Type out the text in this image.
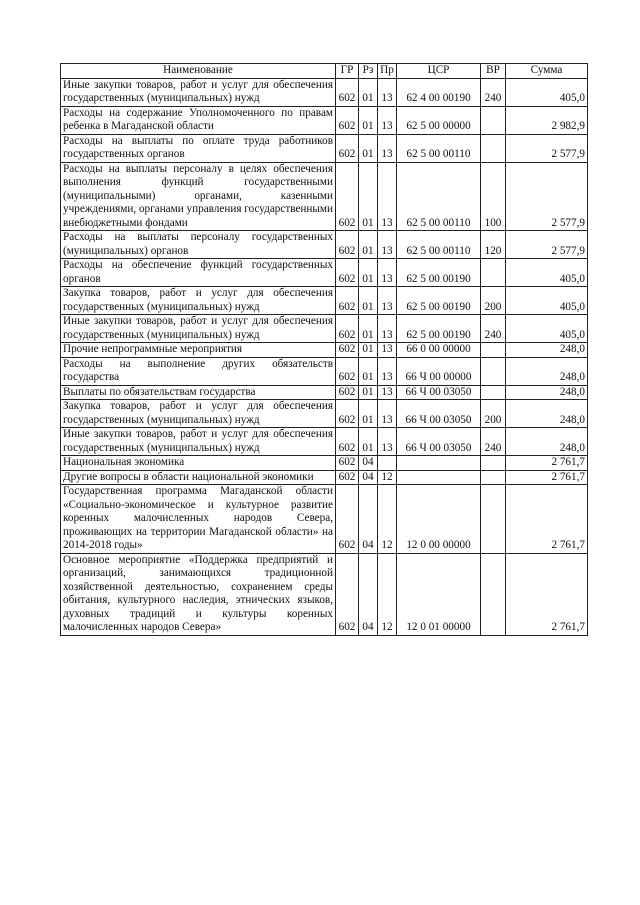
Наименование	ГР	Рз	Пр	ЦСР	ВР	Сумма

Иные закупки товаров, работ и услуг для обеспечения государственных (муниципальных) нужд	602	01	13	62 4 00 00190	240	405,0

Расходы на содержание Уполномоченного по правам ребенка в Магаданской области	602	01	13	62 5 00 00000		2 982,9

Расходы на выплаты по оплате труда работников государственных органов	602	01	13	62 5 00 00110		2 577,9

Расходы на выплаты персоналу в целях обеспечения выполнения функций государственными (муниципальными) органами, казенными учреждениями, органами управления государственными внебюджетными фондами	602	01	13	62 5 00 00110	100	2 577,9

Расходы на выплаты персоналу государственных (муниципальных) органов	602	01	13	62 5 00 00110	120	2 577,9

Расходы на обеспечение функций государственных органов	602	01	13	62 5 00 00190		405,0

Закупка товаров, работ и услуг для обеспечения государственных (муниципальных) нужд	602	01	13	62 5 00 00190	200	405,0

Иные закупки товаров, работ и услуг для обеспечения государственных (муниципальных) нужд	602	01	13	62 5 00 00190	240	405,0

Прочие непрограммные мероприятия	602	01	13	66 0 00 00000		248,0

Расходы на выполнение других обязательств государства	602	01	13	66 Ч 00 00000		248,0

Выплаты по обязательствам государства	602	01	13	66 Ч 00 03050		248,0

Закупка товаров, работ и услуг для обеспечения государственных (муниципальных) нужд	602	01	13	66 Ч 00 03050	200	248,0

Иные закупки товаров, работ и услуг для обеспечения государственных (муниципальных) нужд	602	01	13	66 Ч 00 03050	240	248,0

Национальная экономика	602	04				2 761,7

Другие вопросы в области национальной экономики	602	04	12			2 761,7

Государственная программа Магаданской области «Социально-экономическое и культурное развитие коренных малочисленных народов Севера, проживающих на территории Магаданской области» на 2014-2018 годы»	602	04	12	12 0 00 00000		2 761,7

Основное мероприятие «Поддержка предприятий и организаций, занимающихся традиционной хозяйственной деятельностью, сохранением среды обитания, культурного наследия, этнических языков, духовных традиций и культуры коренных малочисленных народов Севера»	602	04	12	12 0 01 00000		2 761,7
